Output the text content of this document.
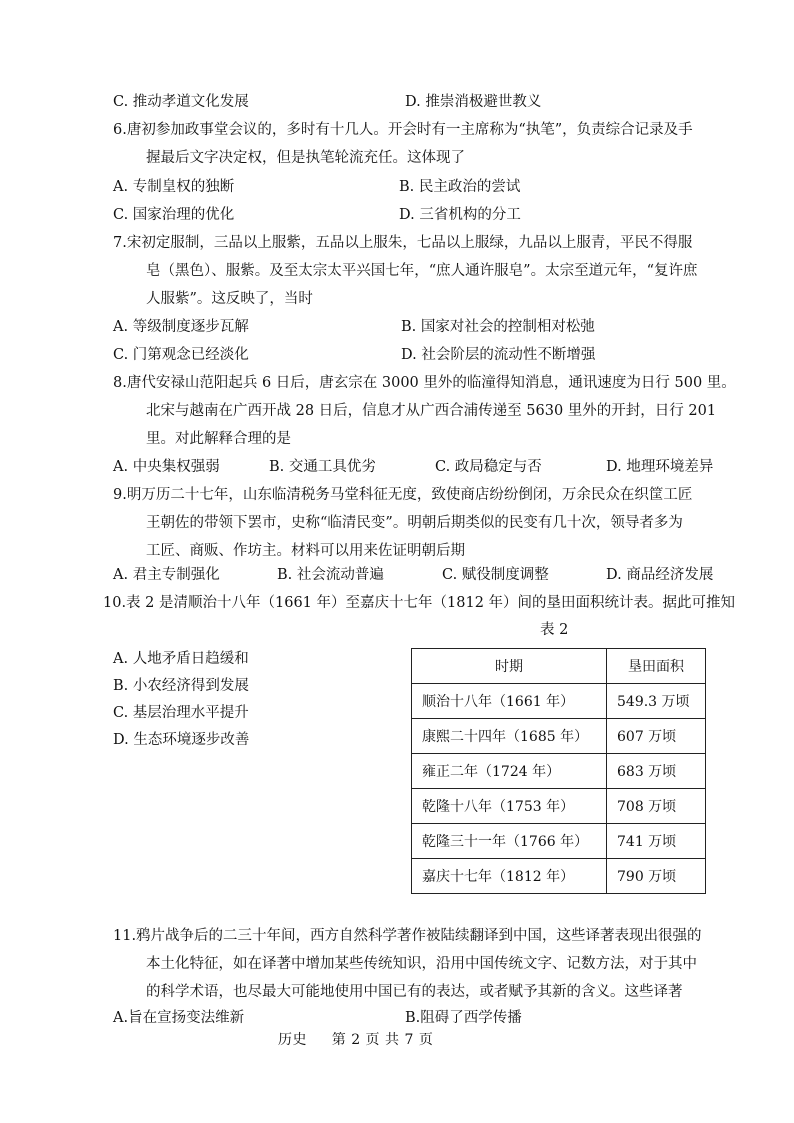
C. 推动孝道文化发展	D. 推崇消极避世教义
6.唐初参加政事堂会议的，多时有十几人。开会时有一主席称为“执笔”，负责综合记录及手
握最后文字决定权，但是执笔轮流充任。这体现了
A. 专制皇权的独断	B. 民主政治的尝试
C. 国家治理的优化	D. 三省机构的分工
7.宋初定服制，三品以上服紫，五品以上服朱，七品以上服绿，九品以上服青，平民不得服
皂（黑色）、服紫。及至太宗太平兴国七年，“庶人通许服皂”。太宗至道元年，“复许庶
人服紫”。这反映了，当时
A. 等级制度逐步瓦解	B. 国家对社会的控制相对松弛
C. 门第观念已经淡化	D. 社会阶层的流动性不断增强
8.唐代安禄山范阳起兵 6 日后，唐玄宗在 3000 里外的临潼得知消息，通讯速度为日行 500 里。
北宋与越南在广西开战 28 日后，信息才从广西合浦传递至 5630 里外的开封，日行 201
里。对此解释合理的是
A. 中央集权强弱	B. 交通工具优劣	C. 政局稳定与否	D. 地理环境差异
9.明万历二十七年，山东临清税务马堂科征无度，致使商店纷纷倒闭，万余民众在织筐工匠
王朝佐的带领下罢市，史称“临清民变”。明朝后期类似的民变有几十次，领导者多为
工匠、商贩、作坊主。材料可以用来佐证明朝后期
A. 君主专制强化	B. 社会流动普遍	C. 赋役制度调整	D. 商品经济发展
10.表 2 是清顺治十八年（1661 年）至嘉庆十七年（1812 年）间的垦田面积统计表。据此可推知
表 2
A. 人地矛盾日趋缓和
B. 小农经济得到发展
C. 基层治理水平提升
D. 生态环境逐步改善
时期	垦田面积
顺治十八年（1661 年）	549.3 万顷
康熙二十四年（1685 年）	607 万顷
雍正二年（1724 年）	683 万顷
乾隆十八年（1753 年）	708 万顷
乾隆三十一年（1766 年）	741 万顷
嘉庆十七年（1812 年）	790 万顷
11.鸦片战争后的二三十年间，西方自然科学著作被陆续翻译到中国，这些译著表现出很强的
本土化特征，如在译著中增加某些传统知识，沿用中国传统文字、记数方法，对于其中
的科学术语，也尽最大可能地使用中国已有的表达，或者赋予其新的含义。这些译著
A.旨在宣扬变法维新	B.阻碍了西学传播
历史     第 2 页 共 7 页
